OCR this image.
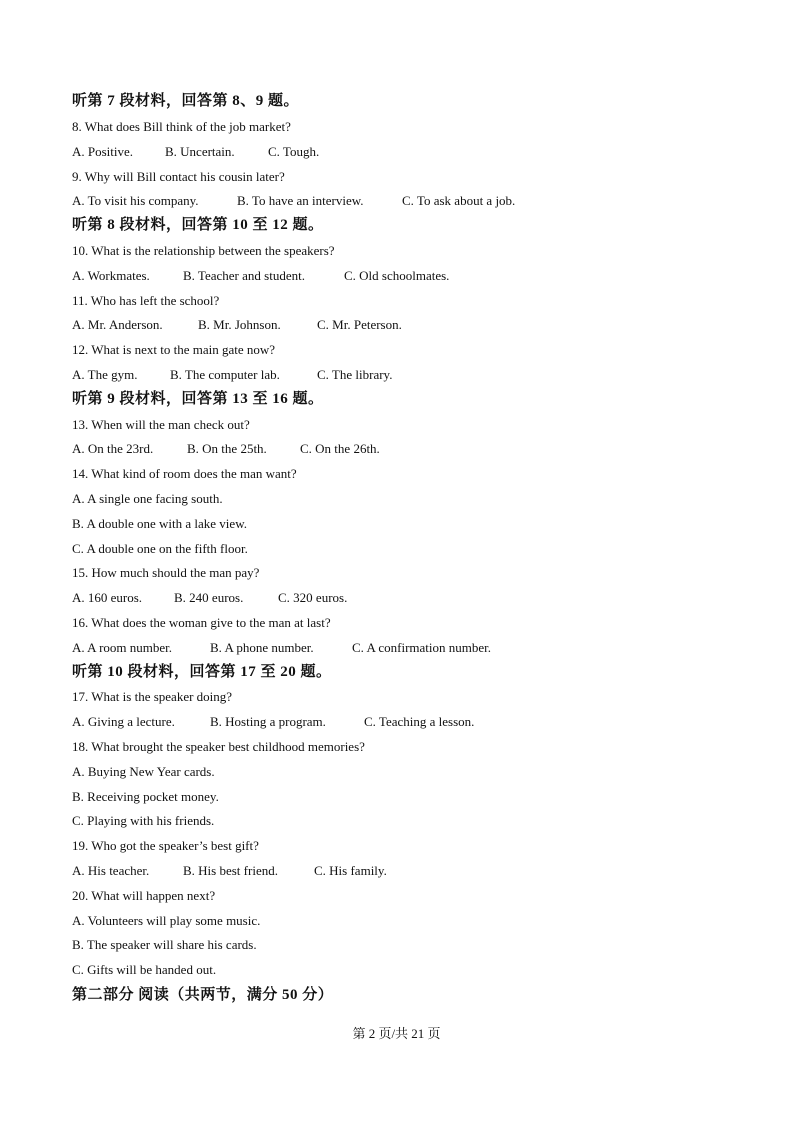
听第 7 段材料，回答第 8、9 题。
8. What does Bill think of the job market?
A. Positive. B. Uncertain.	C. Tough.
9. Why will Bill contact his cousin later?
A. To visit his company.	B. To have an interview.	C. To ask about a job.
听第 8 段材料，回答第 10 至 12 题。
10. What is the relationship between the speakers?
A. Workmates.	B. Teacher and student.	C. Old schoolmates.
11. Who has left the school?
A. Mr. Anderson.	B. Mr. Johnson.	C. Mr. Peterson.
12. What is next to the main gate now?
A. The gym.	B. The computer lab.	C. The library.
听第 9 段材料，回答第 13 至 16 题。
13. When will the man check out?
A. On the 23rd.	B. On the 25th.	C. On the 26th.
14. What kind of room does the man want?
A. A single one facing south.
B. A double one with a lake view.
C. A double one on the fifth floor.
15. How much should the man pay?
A. 160 euros. B. 240 euros.	C. 320 euros.
16. What does the woman give to the man at last?
A. A room number.	B. A phone number.	C. A confirmation number.
听第 10 段材料，回答第 17 至 20 题。
17. What is the speaker doing?
A. Giving a lecture.	B. Hosting a program.	C. Teaching a lesson.
18. What brought the speaker best childhood memories?
A. Buying New Year cards.
B. Receiving pocket money.
C. Playing with his friends.
19. Who got the speaker’s best gift?
A. His teacher.	B. His best friend.	C. His family.
20. What will happen next?
A. Volunteers will play some music.
B. The speaker will share his cards.
C. Gifts will be handed out.
第二部分 阅读（共两节，满分 50 分）
第 2 页/共 21 页
